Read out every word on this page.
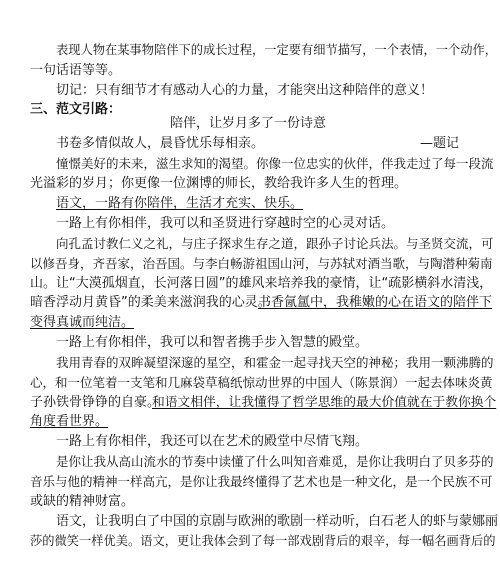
表现人物在某事物陪伴下的成长过程，一定要有细节描写，一个表情，一个动作，
一句话语等等。
切记：只有细节才有感动人心的力量，才能突出这种陪伴的意义！
三、范文引路：
陪伴，让岁月多了一份诗意
书卷多情似故人，晨昏忧乐每相亲。	—题记
憧憬美好的未来，滋生求知的渴望。你像一位忠实的伙伴，伴我走过了每一段流
光溢彩的岁月；你更像一位渊博的师长，教给我许多人生的哲理。
语文，一路有你陪伴，生活才充实、快乐。
一路上有你相伴，我可以和圣贤进行穿越时空的心灵对话。
向孔孟讨教仁义之礼，与庄子探求生存之道，跟孙子讨论兵法。与圣贤交流，可
以修吾身，齐吾家，治吾国。与李白畅游祖国山河，与苏轼对酒当歌，与陶潜种菊南
山。让“大漠孤烟直，长河落日圆”的雄风来培养我的豪情，让“疏影横斜水清浅，
暗香浮动月黄昏”的柔美来滋润我的心灵。
书香氤氲中，我稚嫩的心在语文的陪伴下
变得真诚而纯洁。
一路上有你相伴，我可以和智者携手步入智慧的殿堂。
我用青春的双眸凝望深邃的星空，和霍金一起寻找天空的神秘；我用一颗沸腾的
心，和一位笔着一支笔和几麻袋草稿纸惊动世界的中国人（陈景润）一起去体味炎黄
子孙铁骨铮铮的自豪。
和语文相伴，让我懂得了哲学思维的最大价值就在于教你换个
角度看世界。
一路上有你相伴，我还可以在艺术的殿堂中尽情飞翔。
是你让我从高山流水的节奏中读懂了什么叫知音难觅，是你让我明白了贝多芬的
音乐与他的精神一样高亢，是你让我最终懂得了艺术也是一种文化，是一个民族不可
或缺的精神财富。
语文，让我明白了中国的京剧与欧洲的歌剧一样动听，白石老人的虾与蒙娜丽
莎的微笑一样优美。语文，更让我体会到了每一部戏剧背后的艰辛，每一幅名画背后的
